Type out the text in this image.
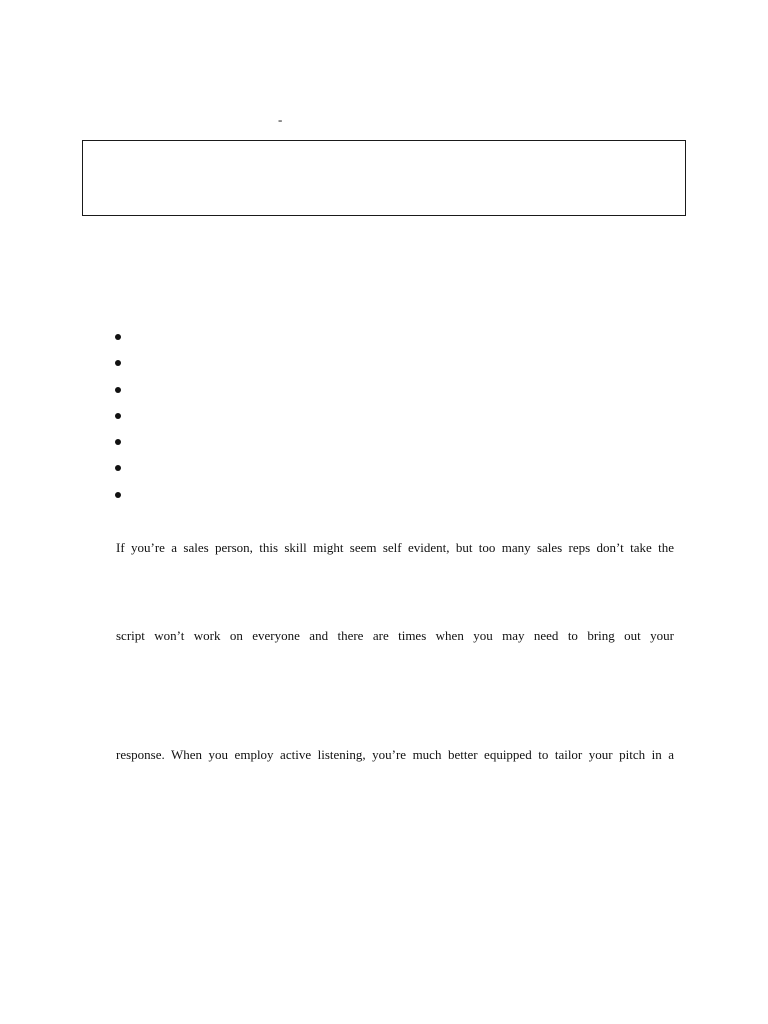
-
If you’re a sales person, this skill might seem self evident, but too many sales reps don’t take the
script won’t work on everyone and there are times when you may need to bring out your
response. When you employ active listening, you’re much better equipped to tailor your pitch in a
